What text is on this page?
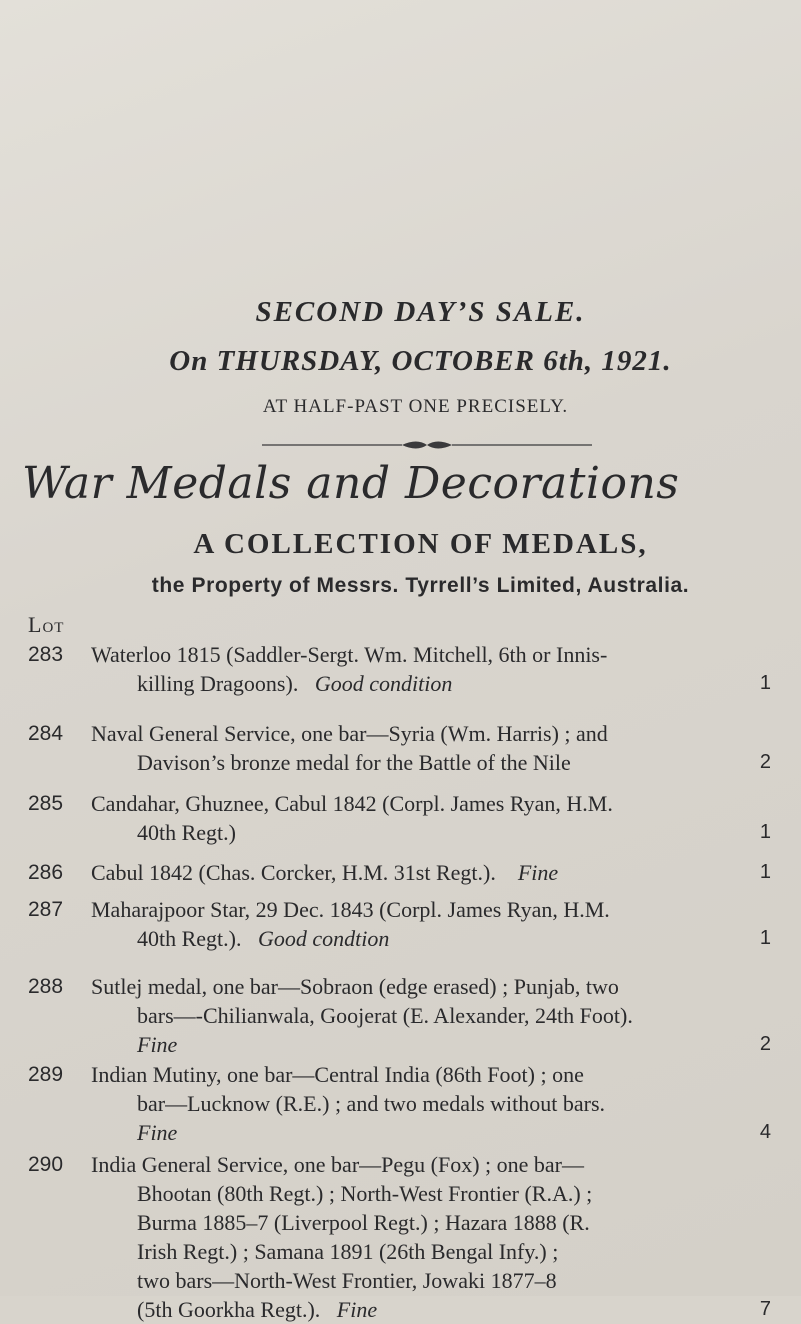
SECOND DAY’S SALE.
On THURSDAY, OCTOBER 6th, 1921.
AT HALF-PAST ONE PRECISELY.
War Medals and Decorations
A COLLECTION OF MEDALS,
the Property of Messrs. Tyrrell’s Limited, Australia.
Lot
283 Waterloo 1815 (Saddler-Sergt. Wm. Mitchell, 6th or Innis-
killing Dragoons). Good condition	1
284 Naval General Service, one bar—Syria (Wm. Harris) ; and
Davison’s bronze medal for the Battle of the Nile	2
285 Candahar, Ghuznee, Cabul 1842 (Corpl. James Ryan, H.M.
40th Regt.)	1
286 Cabul 1842 (Chas. Corcker, H.M. 31st Regt.). Fine	1
287 Maharajpoor Star, 29 Dec. 1843 (Corpl. James Ryan, H.M.
40th Regt.). Good condtion	1
288 Sutlej medal, one bar—Sobraon (edge erased) ; Punjab, two
bars—-Chilianwala, Goojerat (E. Alexander, 24th Foot).
Fine	2
289 Indian Mutiny, one bar—Central India (86th Foot) ; one
bar—Lucknow (R.E.) ; and two medals without bars.
Fine	4
290 India General Service, one bar—Pegu (Fox) ; one bar—
Bhootan (80th Regt.) ; North-West Frontier (R.A.) ;
Burma 1885–7 (Liverpool Regt.) ; Hazara 1888 (R.
Irish Regt.) ; Samana 1891 (26th Bengal Infy.) ;
two bars—North-West Frontier, Jowaki 1877–8
(5th Goorkha Regt.). Fine	7
